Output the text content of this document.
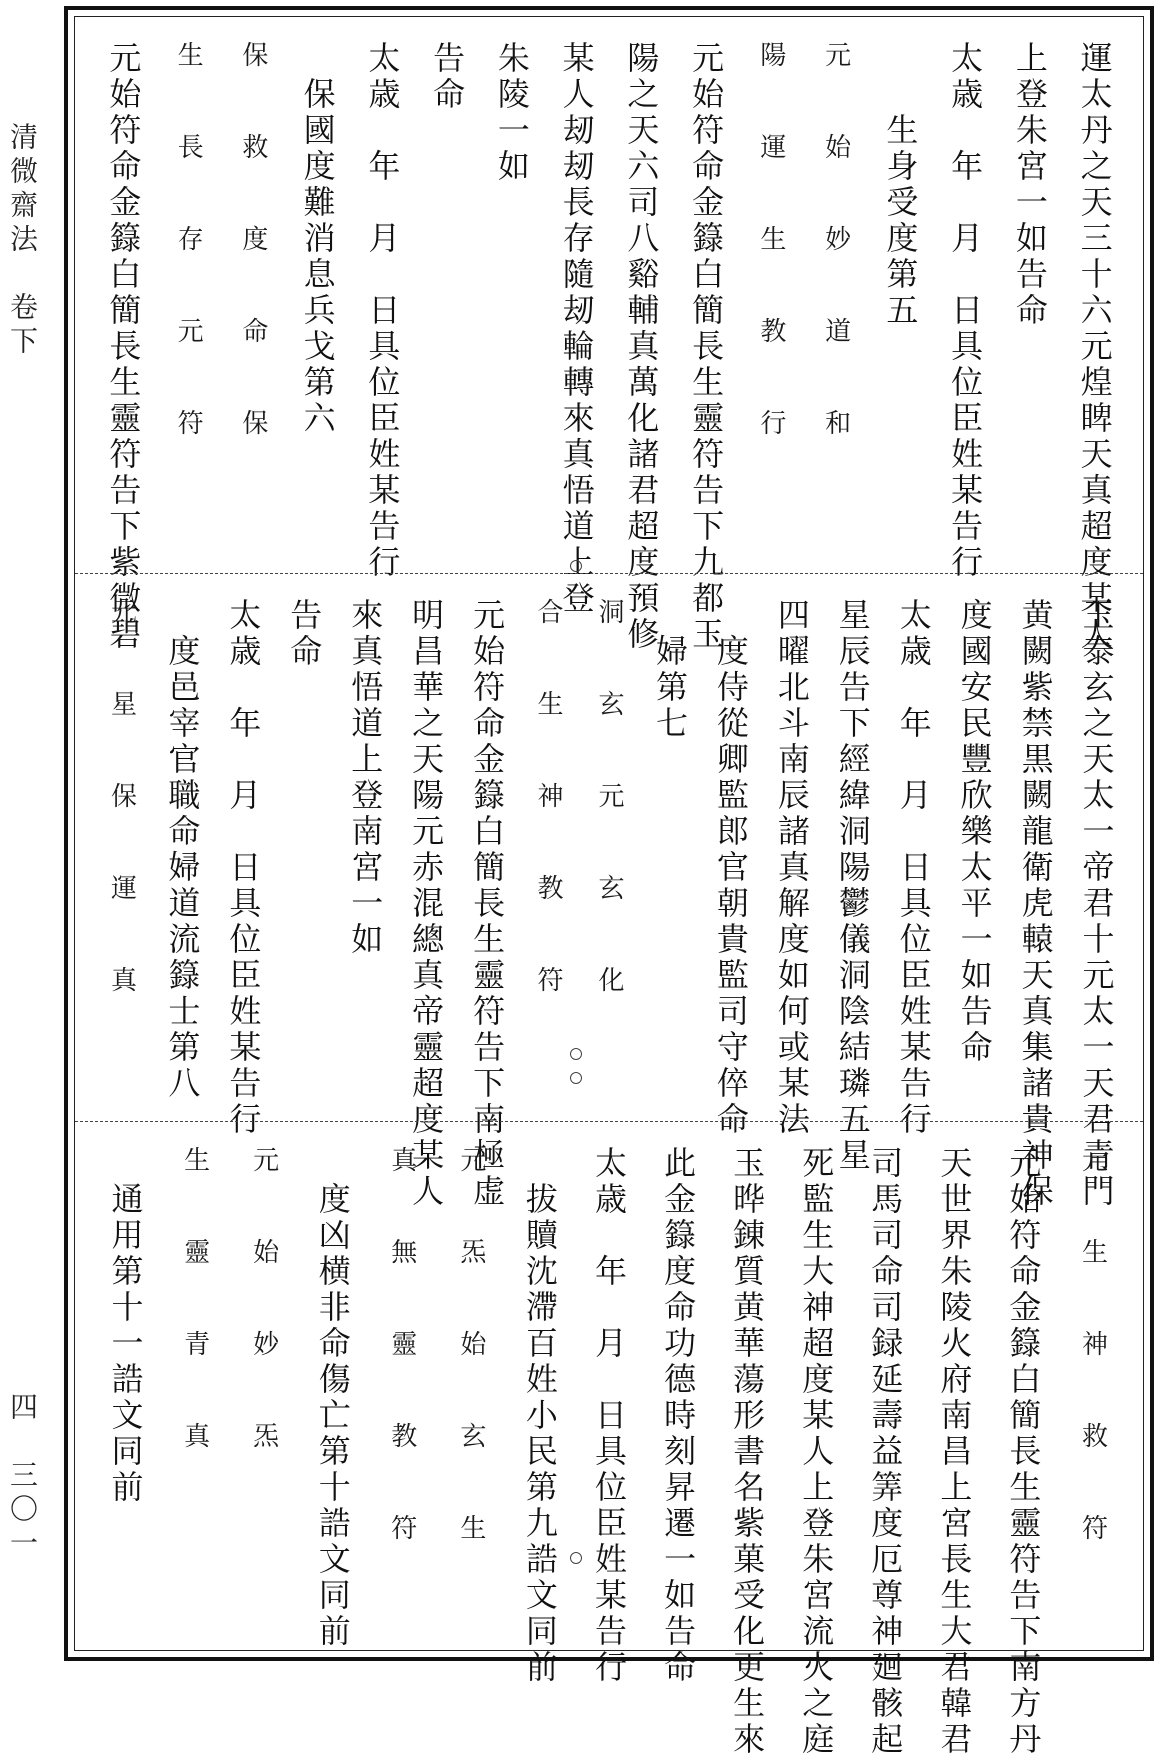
清微齋法　卷下
四　三〇一
運太丹之天三十六元煌睥天真超度某人
上登朱宮一如告命
太歳　年　月　日具位臣姓某告行
　　生身受度第五
元　始　妙　道　和
陽　運　生　教　行
元始符命金籙白簡長生靈符告下九都玉
陽之天六司八谿輔真萬化諸君超度預修
某人刼刼長存隨刼輪轉來真悟道上登
朱陵一如
告命
太歳　年　月　日具位臣姓某告行
　保國度難消息兵戈第六
保　救　度　命　保
生　長　存　元　符
元始符命金籙白簡長生靈符告下紫微碧
玉泰玄之天太一帝君十元太一天君青門
黄闕紫禁黒闕龍衛虎轅天真集諸貴神保
度國安民豐欣樂太平一如告命
太歳　年　月　日具位臣姓某告行
星辰告下經緯洞陽鬱儀洞陰結璘五星
四曜北斗南辰諸真解度如何或某法
　度侍從卿監郎官朝貴監司守倅命
　婦第七
洞　玄　元　玄　化
合　生　神　教　符
元始符命金籙白簡長生靈符告下南極虚
明昌華之天陽元赤混總真帝靈超度某人
來真悟道上登南宮一如
告命
太歳　年　月　日具位臣姓某告行
　度邑宰官職命婦道流籙士第八
元　星　保　運　真
元　生　神　救　符
元始符命金籙白簡長生靈符告下南方丹
天世界朱陵火府南昌上宮長生大君韓君
司馬司命司録延壽益筭度厄尊神廻骸起
死監生大神超度某人上登朱宮流火之庭
玉晔錬質黄華蕩形書名紫菓受化更生來
此金籙度命功德時刻昇遷一如告命
太歳　年　月　日具位臣姓某告行
　拔贖沈滯百姓小民第九誥文同前
元　炁　始　玄　生
真　無　靈　教　符
　度凶横非命傷亡第十誥文同前
元　始　妙　炁
生　靈　青　真
　通用第十一誥文同前
